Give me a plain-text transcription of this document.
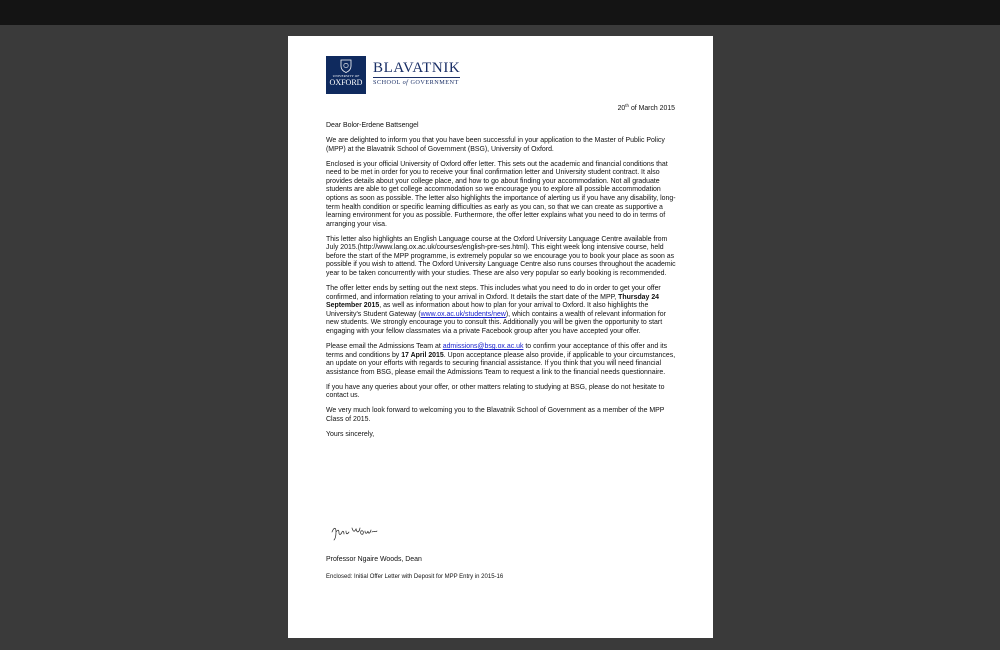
UNIVERSITY OF
OXFORD
BLAVATNIK
SCHOOL of GOVERNMENT
20th of March 2015

Dear Bolor-Erdene Battsengel

We are delighted to inform you that you have been successful in your application to the Master of Public Policy (MPP) at the Blavatnik School of Government (BSG), University of Oxford.

Enclosed is your official University of Oxford offer letter. This sets out the academic and financial conditions that need to be met in order for you to receive your final confirmation letter and University student contract. It also provides details about your college place, and how to go about finding your accommodation. Not all graduate students are able to get college accommodation so we encourage you to explore all possible accommodation options as soon as possible. The letter also highlights the importance of alerting us if you have any disability, long-term health condition or specific learning difficulties as early as you can, so that we can create as supportive a learning environment for you as possible. Furthermore, the offer letter explains what you need to do in terms of arranging your visa.

This letter also highlights an English Language course at the Oxford University Language Centre available from July 2015.(http://www.lang.ox.ac.uk/courses/english-pre-ses.html). This eight week long intensive course, held before the start of the MPP programme, is extremely popular so we encourage you to book your place as soon as possible if you wish to attend. The Oxford University Language Centre also runs courses throughout the academic year to be taken concurrently with your studies. These are also very popular so early booking is recommended.

The offer letter ends by setting out the next steps. This includes what you need to do in order to get your offer confirmed, and information relating to your arrival in Oxford. It details the start date of the MPP, Thursday 24 September 2015, as well as information about how to plan for your arrival to Oxford. It also highlights the University's Student Gateway (www.ox.ac.uk/students/new), which contains a wealth of relevant information for new students. We strongly encourage you to consult this. Additionally you will be given the opportunity to start engaging with your fellow classmates via a private Facebook group after you have accepted your offer.

Please email the Admissions Team at admissions@bsg.ox.ac.uk to confirm your acceptance of this offer and its terms and conditions by 17 April 2015. Upon acceptance please also provide, if applicable to your circumstances, an update on your efforts with regards to securing financial assistance. If you think that you will need financial assistance from BSG, please email the Admissions Team to request a link to the financial needs questionnaire.

If you have any queries about your offer, or other matters relating to studying at BSG, please do not hesitate to contact us.

We very much look forward to welcoming you to the Blavatnik School of Government as a member of the MPP Class of 2015.

Yours sincerely,

Professor Ngaire Woods, Dean
Enclosed: Initial Offer Letter with Deposit for MPP Entry in 2015-16
